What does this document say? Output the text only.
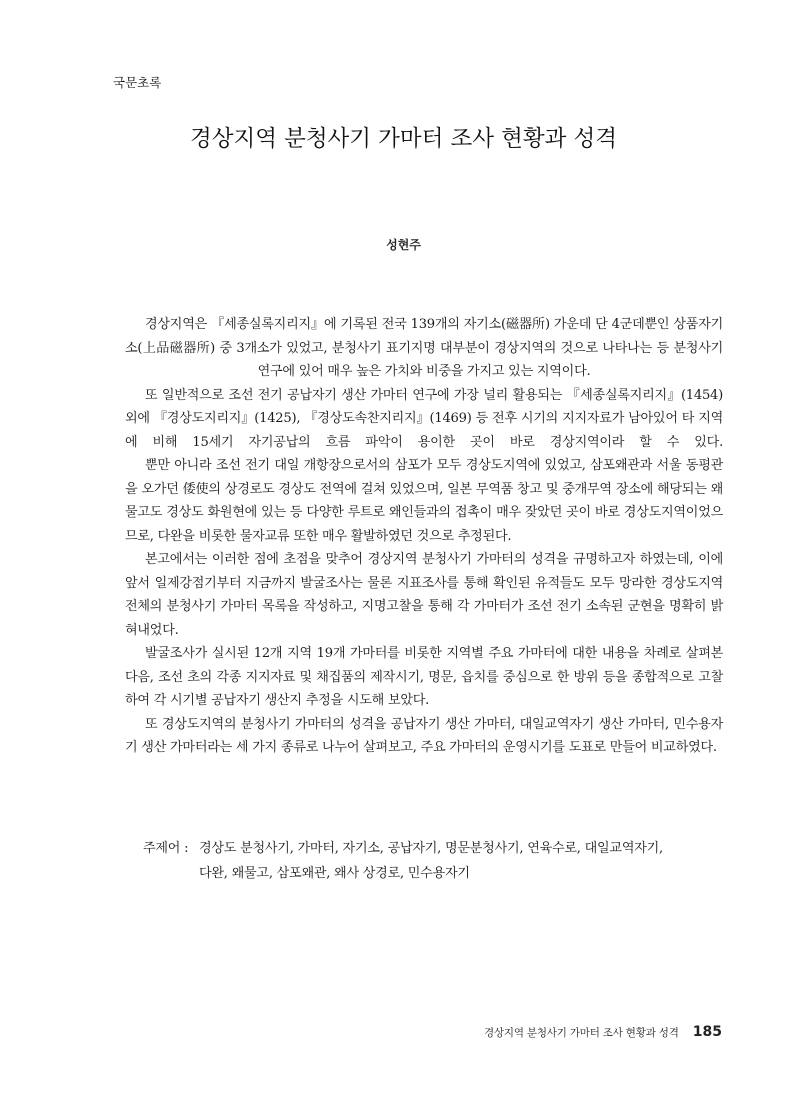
국문초록
경상지역 분청사기 가마터 조사 현황과 성격
성현주

경상지역은 『세종실록지리지』에 기록된 전국 139개의 자기소(磁器所) 가운데 단 4군데뿐인 상품자기소(上品磁器所) 중 3개소가 있었고, 분청사기 표기지명 대부분이 경상지역의 것으로 나타나는 등 분청사기 연구에 있어 매우 높은 가치와 비중을 가지고 있는 지역이다.

또 일반적으로 조선 전기 공납자기 생산 가마터 연구에 가장 널리 활용되는 『세종실록지리지』(1454) 외에 『경상도지리지』(1425), 『경상도속찬지리지』(1469) 등 전후 시기의 지지자료가 남아있어 타 지역에 비해 15세기 자기공납의 흐름 파악이 용이한 곳이 바로 경상지역이라 할 수 있다.

뿐만 아니라 조선 전기 대일 개항장으로서의 삼포가 모두 경상도지역에 있었고, 삼포왜관과 서울 동평관을 오가던 倭使의 상경로도 경상도 전역에 걸쳐 있었으며, 일본 무역품 창고 및 중개무역 장소에 해당되는 왜물고도 경상도 화원현에 있는 등 다양한 루트로 왜인들과의 접촉이 매우 잦았던 곳이 바로 경상도지역이었으므로, 다완을 비롯한 물자교류 또한 매우 활발하였던 것으로 추정된다.

본고에서는 이러한 점에 초점을 맞추어 경상지역 분청사기 가마터의 성격을 규명하고자 하였는데, 이에 앞서 일제강점기부터 지금까지 발굴조사는 물론 지표조사를 통해 확인된 유적들도 모두 망라한 경상도지역 전체의 분청사기 가마터 목록을 작성하고, 지명고찰을 통해 각 가마터가 조선 전기 소속된 군현을 명확히 밝혀내었다.

발굴조사가 실시된 12개 지역 19개 가마터를 비롯한 지역별 주요 가마터에 대한 내용을 차례로 살펴본 다음, 조선 초의 각종 지지자료 및 채집품의 제작시기, 명문, 읍치를 중심으로 한 방위 등을 종합적으로 고찰하여 각 시기별 공납자기 생산지 추정을 시도해 보았다.

또 경상도지역의 분청사기 가마터의 성격을 공납자기 생산 가마터, 대일교역자기 생산 가마터, 민수용자기 생산 가마터라는 세 가지 종류로 나누어 살펴보고, 주요 가마터의 운영시기를 도표로 만들어 비교하였다.

주제어 : 경상도 분청사기, 가마터, 자기소, 공납자기, 명문분청사기, 연육수로, 대일교역자기,
다완, 왜물고, 삼포왜관, 왜사 상경로, 민수용자기
경상지역 분청사기 가마터 조사 현황과 성격 185
